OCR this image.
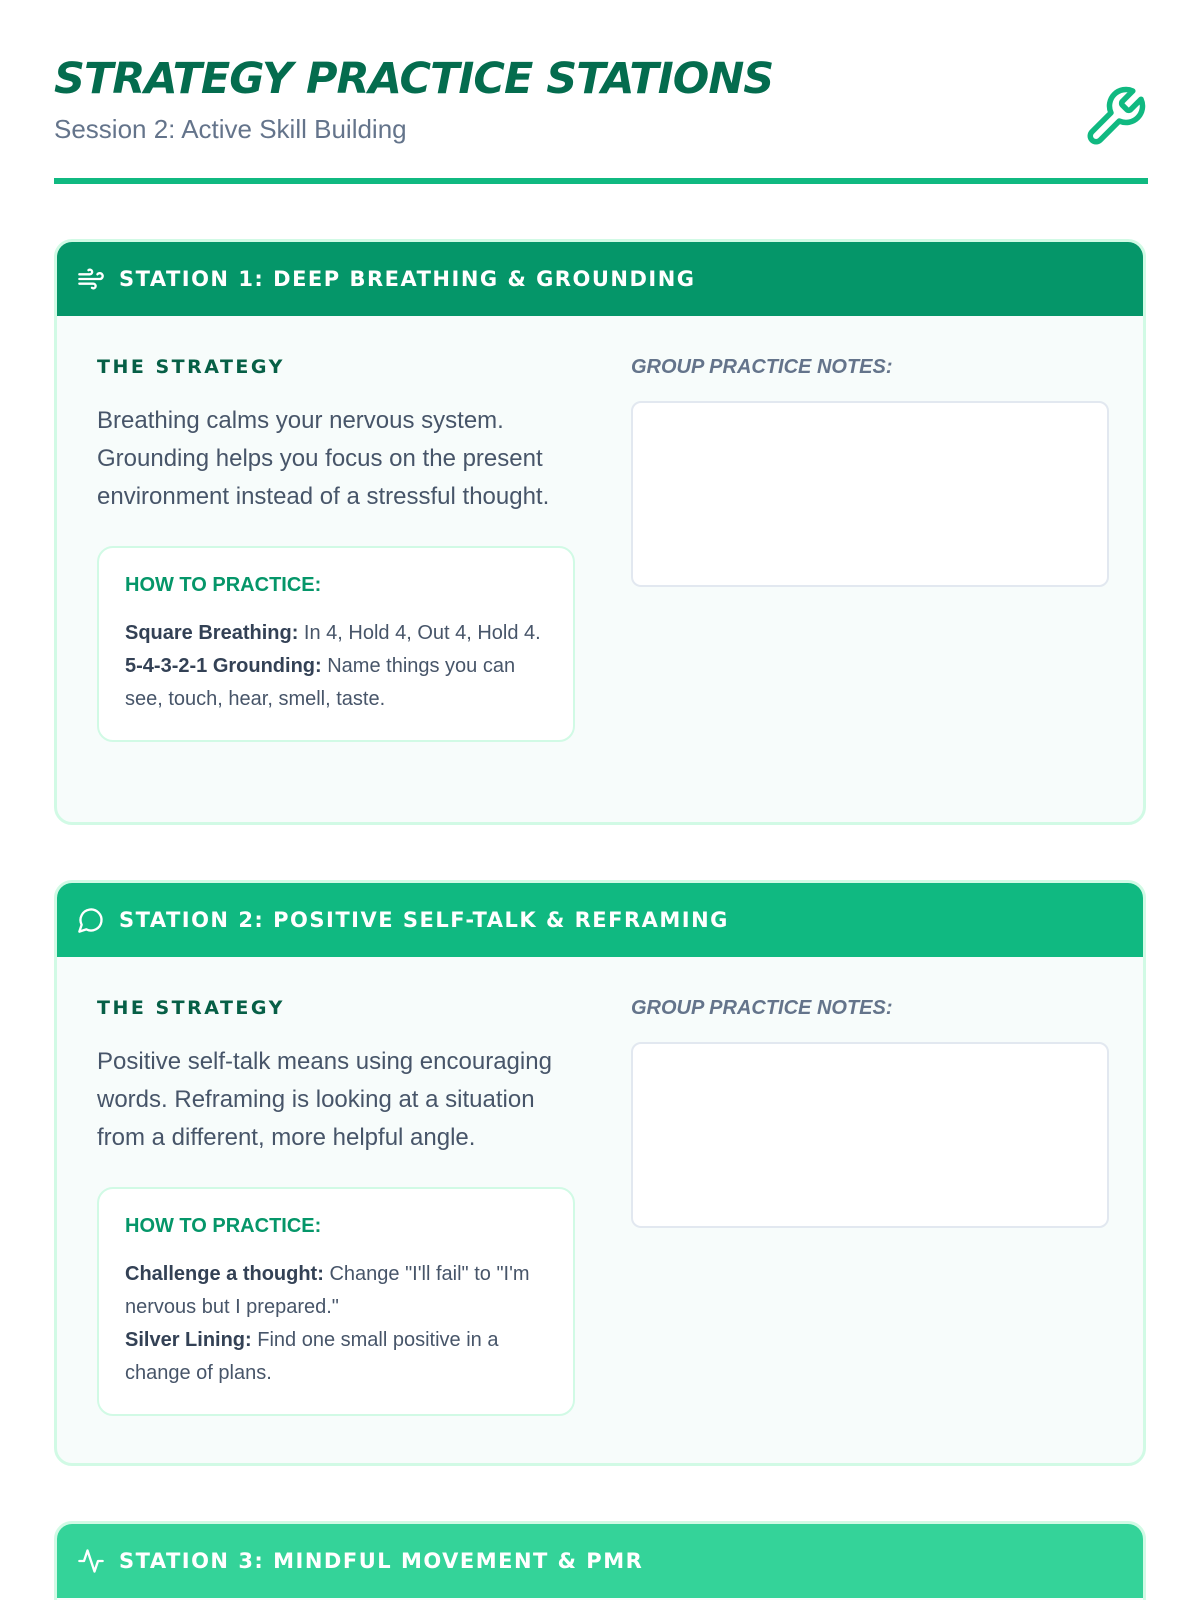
STRATEGY PRACTICE STATIONS
Session 2: Active Skill Building
STATION 1: DEEP BREATHING & GROUNDING

THE STRATEGY

Breathing calms your nervous system. Grounding helps you focus on the present environment instead of a stressful thought.

HOW TO PRACTICE:

Square Breathing: In 4, Hold 4, Out 4, Hold 4.
5-4-3-2-1 Grounding: Name things you can see, touch, hear, smell, taste.

GROUP PRACTICE NOTES:

STATION 2: POSITIVE SELF-TALK & REFRAMING

THE STRATEGY

Positive self-talk means using encouraging words. Reframing is looking at a situation from a different, more helpful angle.

HOW TO PRACTICE:

Challenge a thought: Change "I'll fail" to "I'm nervous but I prepared."
Silver Lining: Find one small positive in a change of plans.

GROUP PRACTICE NOTES:

STATION 3: MINDFUL MOVEMENT & PMR
